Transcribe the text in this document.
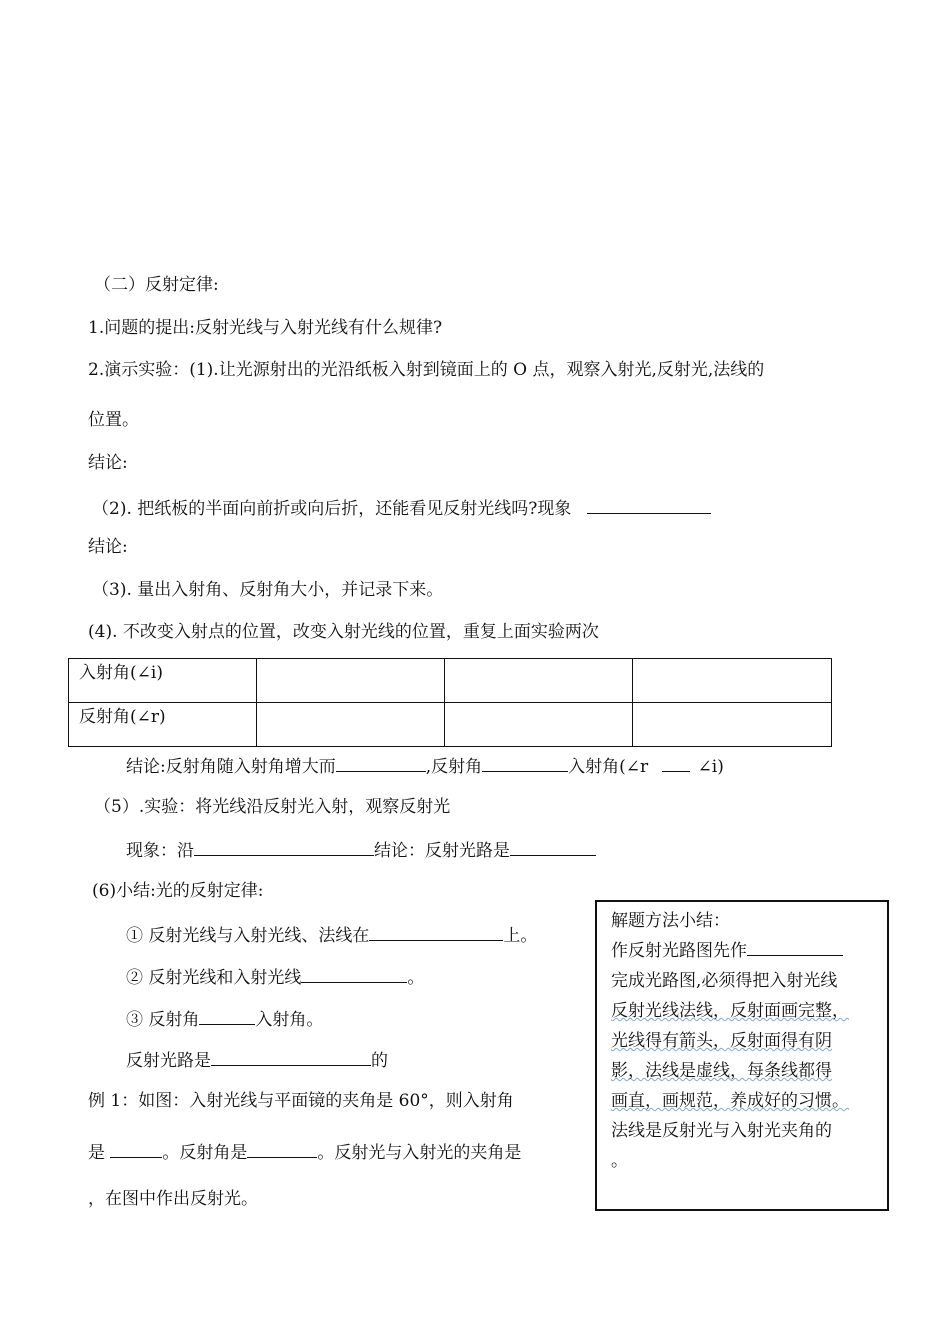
（二）反射定律:
1.问题的提出:反射光线与入射光线有什么规律?
2.演示实验：(1).让光源射出的光沿纸板入射到镜面上的 O 点，观察入射光,反射光,法线的
位置。
结论:
（2). 把纸板的半面向前折或向后折，还能看见反射光线吗?现象
结论:
（3). 量出入射角、反射角大小，并记录下来。
(4). 不改变入射点的位置，改变入射光线的位置，重复上面实验两次
入射角(∠i)			
反射角(∠r)			
结论:反射角随入射角增大而	,反射角	入射角(∠r	∠i)
（5）.实验：将光线沿反射光入射，观察反射光
现象：沿	结论：反射光路是
(6)小结:光的反射定律:
① 反射光线与入射光线、法线在	上。
② 反射光线和入射光线	。
③ 反射角	入射角。
反射光路是	的
例 1：如图：入射光线与平面镜的夹角是 60°，则入射角
是	。反射角是	。反射光与入射光的夹角是
，在图中作出反射光。
解题方法小结：
作反射光路图先作
完成光路图,必须得把入射光线
反射光线法线，反射面画完整，
光线得有箭头，反射面得有阴
影，法线是虚线，每条线都得
画直，画规范，养成好的习惯。
法线是反射光与入射光夹角的
。
